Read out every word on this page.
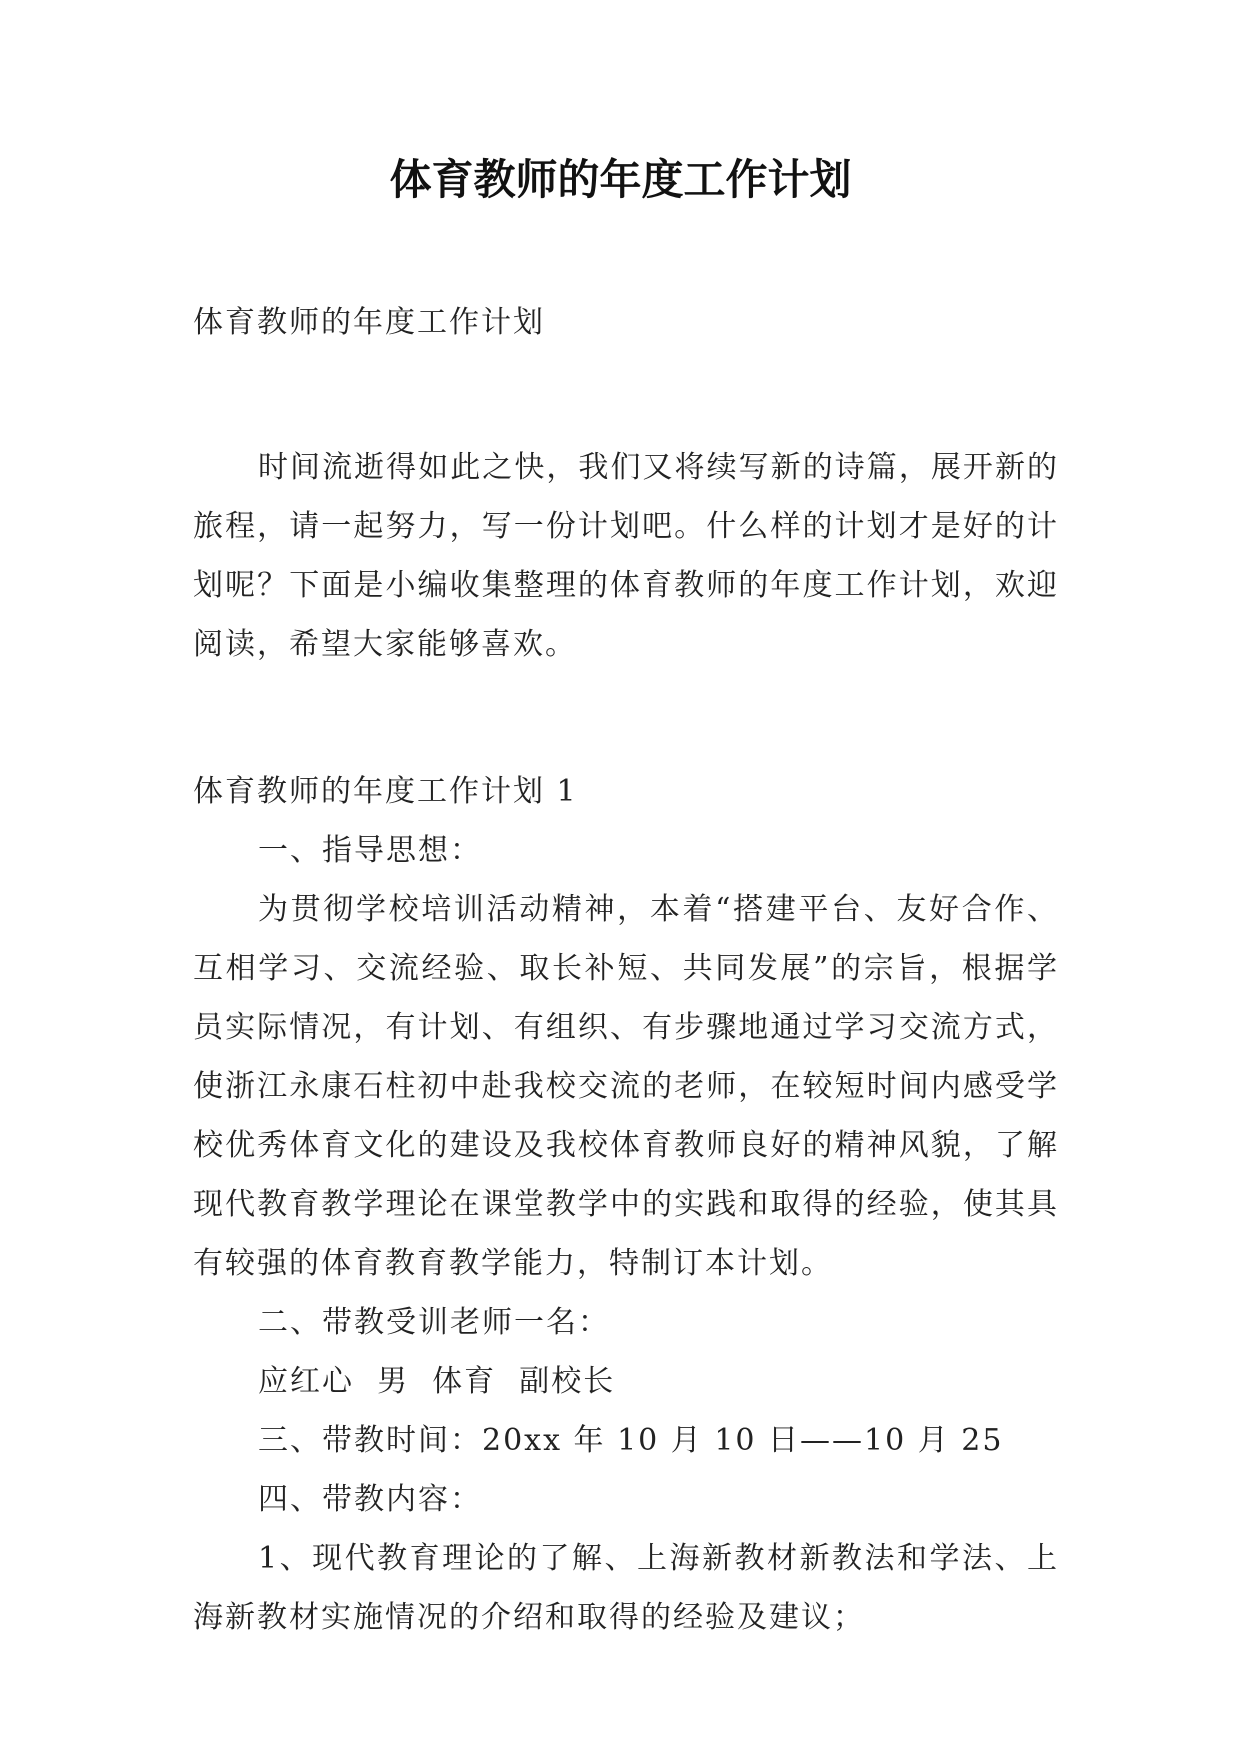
体育教师的年度工作计划

体育教师的年度工作计划

时间流逝得如此之快，我们又将续写新的诗篇，展开新的旅程，请一起努力，写一份计划吧。什么样的计划才是好的计划呢？下面是小编收集整理的体育教师的年度工作计划，欢迎阅读，希望大家能够喜欢。

体育教师的年度工作计划 1

一、指导思想：

为贯彻学校培训活动精神，本着“搭建平台、友好合作、互相学习、交流经验、取长补短、共同发展”的宗旨，根据学员实际情况，有计划、有组织、有步骤地通过学习交流方式，使浙江永康石柱初中赴我校交流的老师，在较短时间内感受学校优秀体育文化的建设及我校体育教师良好的精神风貌，了解现代教育教学理论在课堂教学中的实践和取得的经验，使其具有较强的体育教育教学能力，特制订本计划。

二、带教受训老师一名：

应红心  男  体育  副校长

三、带教时间：20xx 年 10 月 10 日——10 月 25

四、带教内容：

1、现代教育理论的了解、上海新教材新教法和学法、上海新教材实施情况的介绍和取得的经验及建议；
